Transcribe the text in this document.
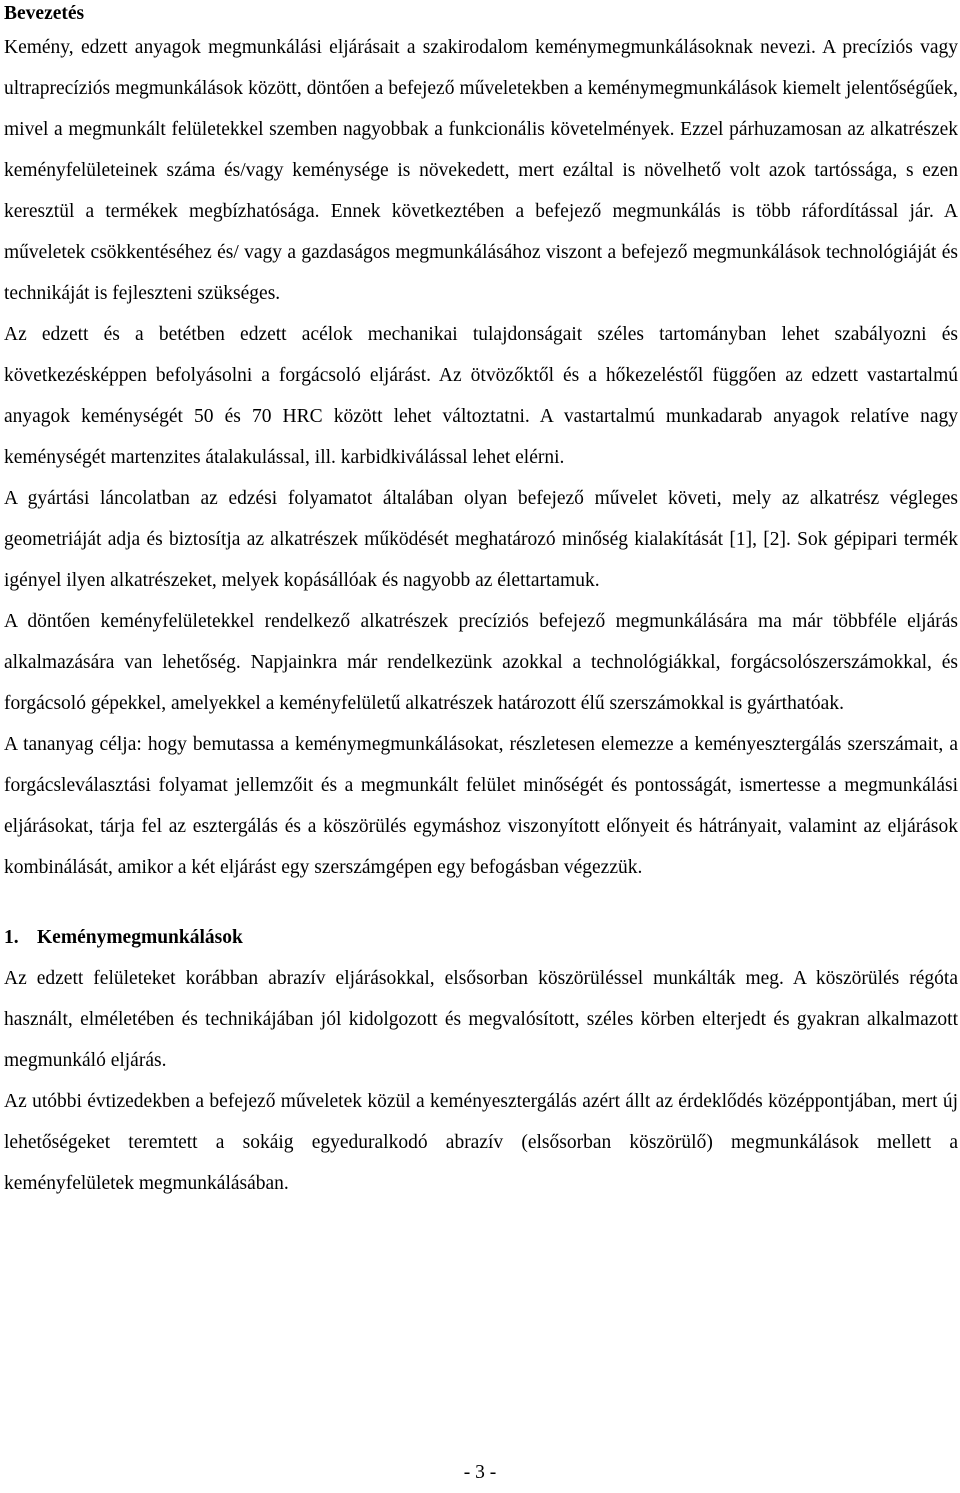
Bevezetés

Kemény, edzett anyagok megmunkálási eljárásait a szakirodalom keménymegmunkálásoknak nevezi. A precíziós vagy ultraprecíziós megmunkálások között, döntően a befejező műveletekben a keménymegmunkálások kiemelt jelentőségűek, mivel a megmunkált felületekkel szemben nagyobbak a funkcionális követelmények. Ezzel párhuzamosan az alkatrészek keményfelületeinek száma és/vagy keménysége is növekedett, mert ezáltal is növelhető volt azok tartóssága, s ezen keresztül a termékek megbízhatósága. Ennek következtében a befejező megmunkálás is több ráfordítással jár. A műveletek csökkentéséhez és/ vagy a gazdaságos megmunkálásához viszont a befejező megmunkálások technológiáját és technikáját is fejleszteni szükséges.

Az edzett és a betétben edzett acélok mechanikai tulajdonságait széles tartományban lehet szabályozni és következésképpen befolyásolni a forgácsoló eljárást. Az ötvözőktől és a hőkezeléstől függően az edzett vastartalmú anyagok keménységét 50 és 70 HRC között lehet változtatni. A vastartalmú munkadarab anyagok relatíve nagy keménységét martenzites átalakulással, ill. karbidkiválással lehet elérni.

A gyártási láncolatban az edzési folyamatot általában olyan befejező művelet követi, mely az alkatrész végleges geometriáját adja és biztosítja az alkatrészek működését meghatározó minőség kialakítását [1], [2]. Sok gépipari termék igényel ilyen alkatrészeket, melyek kopásállóak és nagyobb az élettartamuk.

A döntően keményfelületekkel rendelkező alkatrészek precíziós befejező megmunkálására ma már többféle eljárás alkalmazására van lehetőség. Napjainkra már rendelkezünk azokkal a technológiákkal, forgácsolószerszámokkal, és forgácsoló gépekkel, amelyekkel a keményfelületű alkatrészek határozott élű szerszámokkal is gyárthatóak.

A tananyag célja: hogy bemutassa a keménymegmunkálásokat, részletesen elemezze a keményesztergálás szerszámait, a forgácsleválasztási folyamat jellemzőit és a megmunkált felület minőségét és pontosságát, ismertesse a megmunkálási eljárásokat, tárja fel az esztergálás és a köszörülés egymáshoz viszonyított előnyeit és hátrányait, valamint az eljárások kombinálását, amikor a két eljárást egy szerszámgépen egy befogásban végezzük.

1. Keménymegmunkálások

Az edzett felületeket korábban abrazív eljárásokkal, elsősorban köszörüléssel munkálták meg. A köszörülés régóta használt, elméletében és technikájában jól kidolgozott és megvalósított, széles körben elterjedt és gyakran alkalmazott megmunkáló eljárás.

Az utóbbi évtizedekben a befejező műveletek közül a keményesztergálás azért állt az érdeklődés középpontjában, mert új lehetőségeket teremtett a sokáig egyeduralkodó abrazív (elsősorban köszörülő) megmunkálások mellett a keményfelületek megmunkálásában.

- 3 -
